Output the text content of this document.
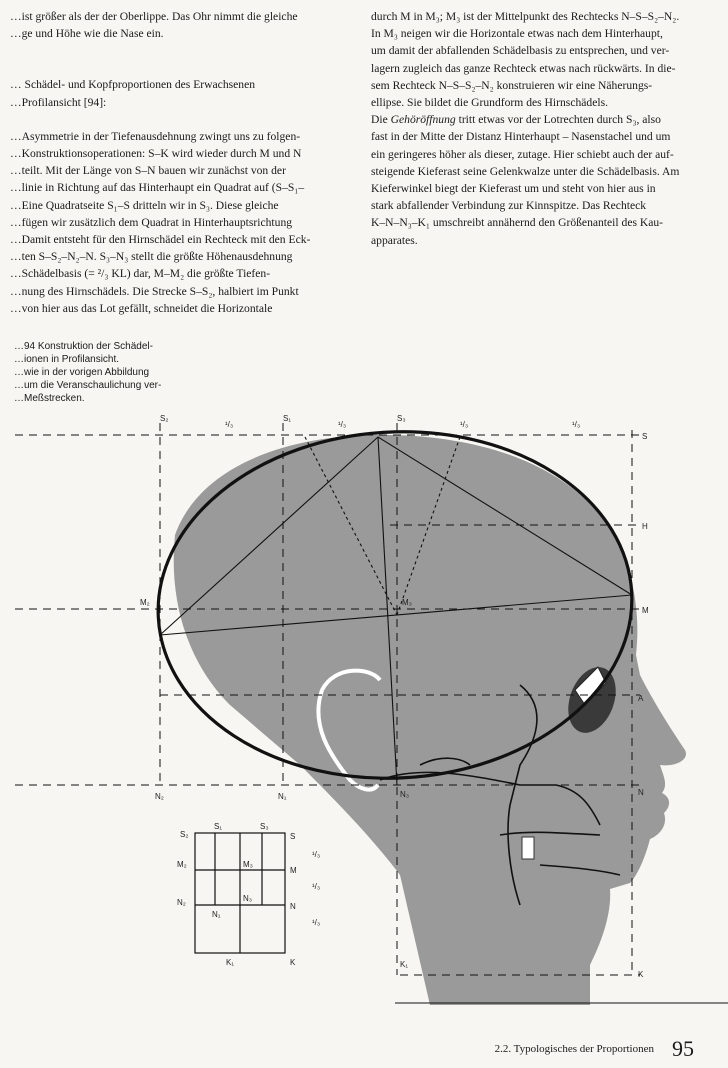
…ist größer als der der Oberlippe. Das Ohr nimmt die gleiche

…ge und Höhe wie die Nase ein.

… Schädel- und Kopfproportionen des Erwachsenen

…Profilansicht [94]:

…Asymmetrie in der Tiefenausdehnung zwingt uns zu folgen-

…Konstruktionsoperationen: S–K wird wieder durch M und N

…teilt. Mit der Länge von S–N bauen wir zunächst von der

…linie in Richtung auf das Hinterhaupt ein Quadrat auf (S–S₁–

…Eine Quadratseite S₁–S dritteln wir in S₃. Diese gleiche

…fügen wir zusätzlich dem Quadrat in Hinterhauptsrichtung

…Damit entsteht für den Hirnschädel ein Rechteck mit den Eck-

…ten S–S₂–N₂–N. S₃–N₃ stellt die größte Höhenausdehnung

…Schädelbasis (= ²/₃ KL) dar, M–M₂ die größte Tiefen-

…nung des Hirnschädels. Die Strecke S–S₂, halbiert im Punkt

…von hier aus das Lot gefällt, schneidet die Horizontale

durch M in M₃; M₃ ist der Mittelpunkt des Rechtecks N–S–S₂–N₂.

In M₃ neigen wir die Horizontale etwas nach dem Hinterhaupt,

um damit der abfallenden Schädelbasis zu entsprechen, und ver-

lagern zugleich das ganze Rechteck etwas nach rückwärts. In die-

sem Rechteck N–S–S₂–N₂ konstruieren wir eine Näherungs-

ellipse. Sie bildet die Grundform des Hirnschädels.

Die Gehöröffnung tritt etwas vor der Lotrechten durch S₃, also

fast in der Mitte der Distanz Hinterhaupt – Nasenstachel und um

ein geringeres höher als dieser, zutage. Hier schiebt auch der auf-

steigende Kieferast seine Gelenkwalze unter die Schädelbasis. Am

Kieferwinkel biegt der Kieferast um und steht von hier aus in

stark abfallender Verbindung zur Kinnspitze. Das Rechteck

K–N–N₃–K₁ umschreibt annähernd den Größenanteil des Kau-

apparates.

…94 Konstruktion der Schädel-

…ionen in Profilansicht.

…wie in der vorigen Abbildung

…um die Veranschaulichung ver-

…Meßstrecken.

S₂
¹/₃
S₁
¹/₃
S₃
¹/₃	¹/₃
S
H
M
A
N
K
M₂	M₃
N₂	N₁	N₃
K₁
S₁	S₃
S₂	S
M₂	M₃
M
N₃
N₂	N
N₁
K₁	K
¹/₃
¹/₃
¹/₃
2.2. Typologisches der Proportionen 95
